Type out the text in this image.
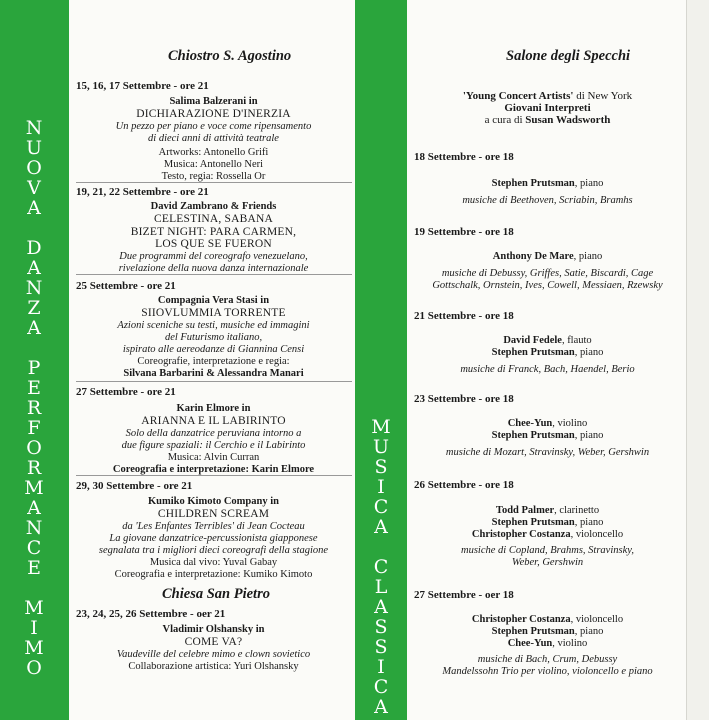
N
U
O
V
A
D
A
N
Z
A
P
E
R
F
O
R
M
A
N
C
E
M
I
M
O
M
U
S
I
C
A
C
L
A
S
S
I
C
A
Chiostro S. Agostino
15, 16, 17 Settembre - ore 21
Salima Balzerani in
DICHIARAZIONE D'INERZIA
Un pezzo per piano e voce come ripensamento
di dieci anni di attività teatrale
Artworks: Antonello Grifi
Musica: Antonello Neri
Testo, regia: Rossella Or
19, 21, 22 Settembre - ore 21
David Zambrano & Friends
CELESTINA, SABANA
BIZET NIGHT: PARA CARMEN,
LOS QUE SE FUERON
Due programmi del coreografo venezuelano,
rivelazione della nuova danza internazionale
25 Settembre - ore 21
Compagnia Vera Stasi in
SIIOVLUMMIA TORRENTE
Azioni sceniche su testi, musiche ed immagini
del Futurismo italiano,
ispirato alle aereodanze di Giannina Censi
Coreografie, interpretazione e regia:
Silvana Barbarini & Alessandra Manari
27 Settembre - ore 21
Karin Elmore in
ARIANNA E IL LABIRINTO
Solo della danzatrice peruviana intorno a
due figure spaziali: il Cerchio e il Labirinto
Musica: Alvin Curran
Coreografia e interpretazione: Karin Elmore
29, 30 Settembre - ore 21
Kumiko Kimoto Company in
CHILDREN SCREAM
da 'Les Enfantes Terribles' di Jean Cocteau
La giovane danzatrice-percussionista giapponese
segnalata tra i migliori dieci coreografi della stagione
Musica dal vivo: Yuval Gabay
Coreografia e interpretazione: Kumiko Kimoto
Chiesa San Pietro
23, 24, 25, 26 Settembre - oer 21
Vladimir Olshansky in
COME VA?
Vaudeville del celebre mimo e clown sovietico
Collaborazione artistica: Yuri Olshansky
Salone degli Specchi
'Young Concert Artists' di New York
Giovani Interpreti
a cura di Susan Wadsworth
18 Settembre - ore 18
Stephen Prutsman, piano
musiche di Beethoven, Scriabin, Bramhs
19 Settembre - ore 18
Anthony De Mare, piano
musiche di Debussy, Griffes, Satie, Biscardi, Cage
Gottschalk, Ornstein, Ives, Cowell, Messiaen, Rzewsky
21 Settembre - ore 18
David Fedele, flauto
Stephen Prutsman, piano
musiche di Franck, Bach, Haendel, Berio
23 Settembre - ore 18
Chee-Yun, violino
Stephen Prutsman, piano
musiche di Mozart, Stravinsky, Weber, Gershwin
26 Settembre - ore 18
Todd Palmer, clarinetto
Stephen Prutsman, piano
Christopher Costanza, violoncello
musiche di Copland, Brahms, Stravinsky,
Weber, Gershwin
27 Settembre - oer 18
Christopher Costanza, violoncello
Stephen Prutsman, piano
Chee-Yun, violino
musiche di Bach, Crum, Debussy
Mandelssohn Trio per violino, violoncello e piano
